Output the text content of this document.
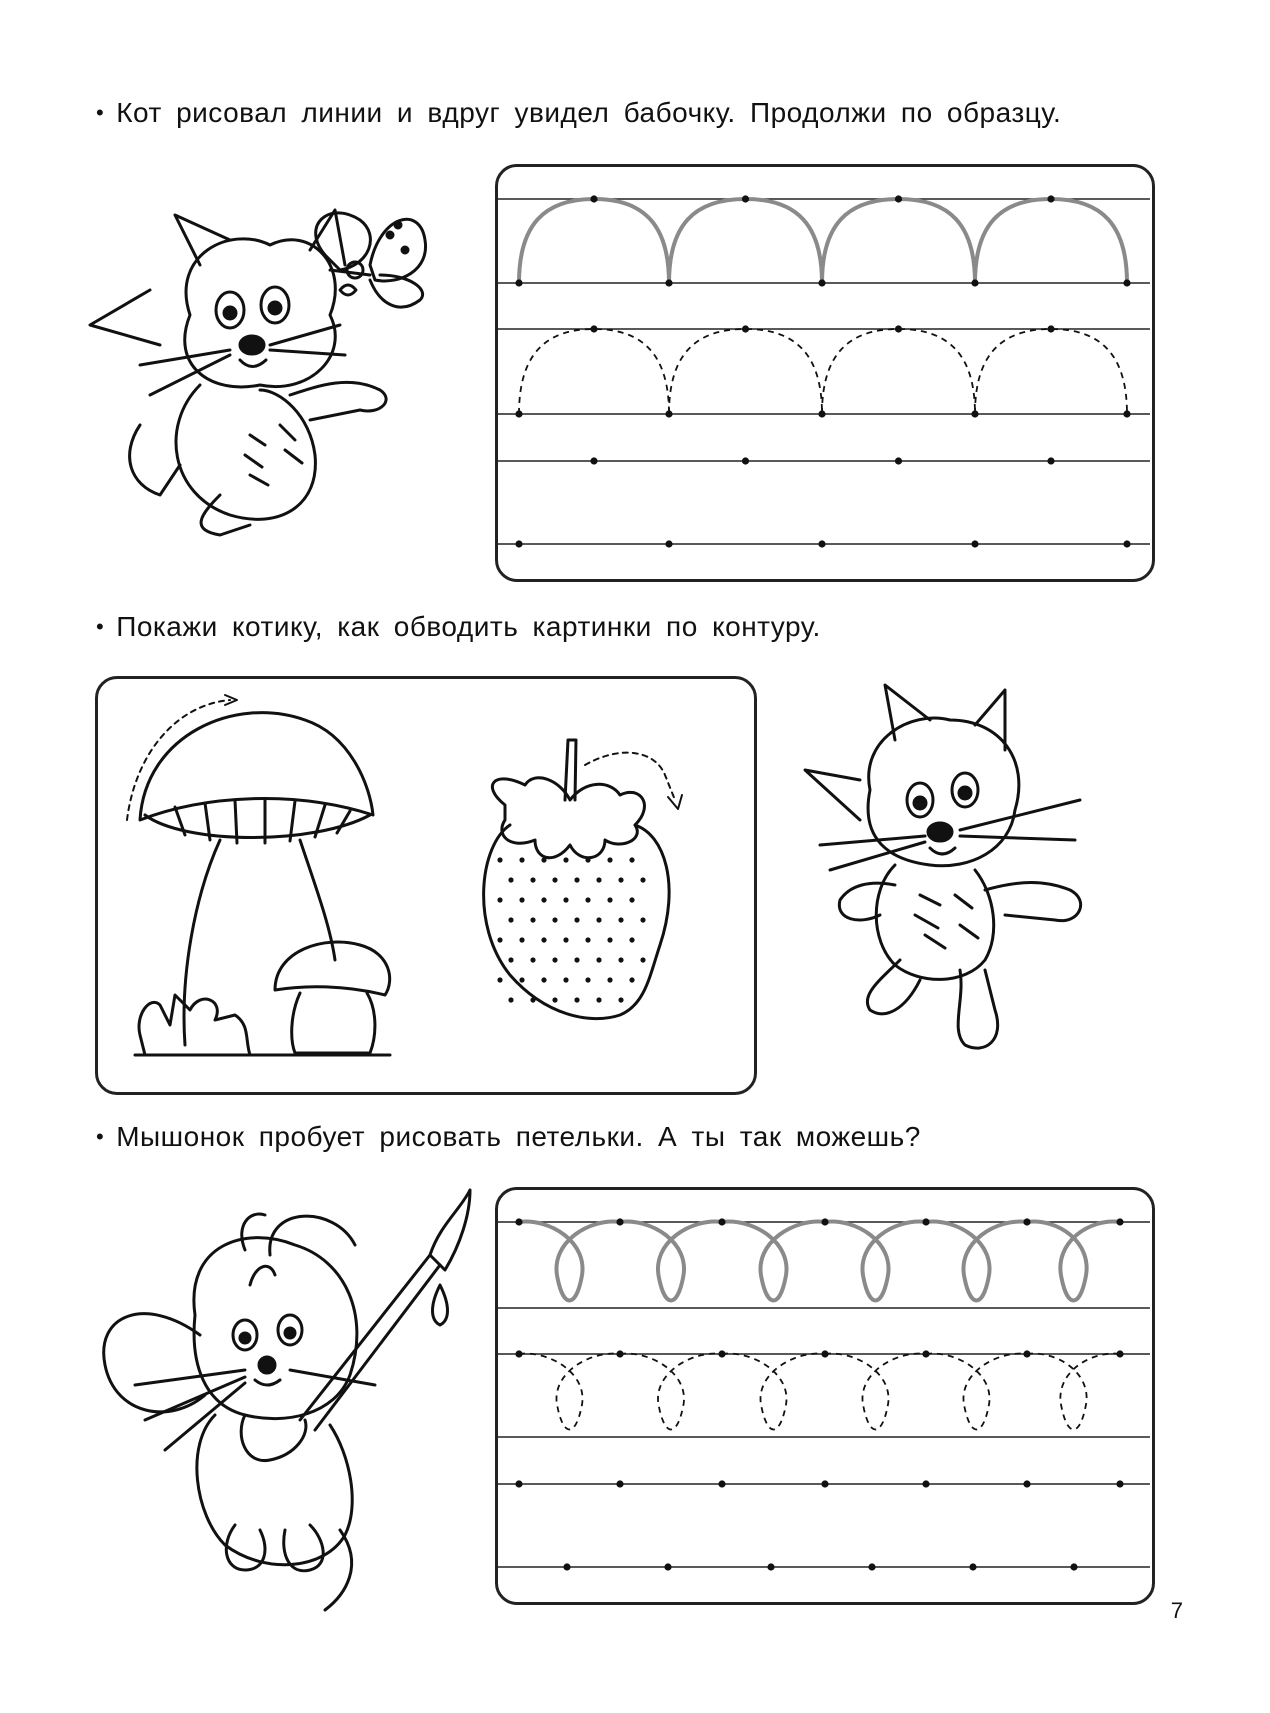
• Кот рисовал линии и вдруг увидел бабочку. Продолжи по образцу.
• Покажи котику, как обводить картинки по контуру.
• Мышонок пробует рисовать петельки. А ты так можешь?
7
